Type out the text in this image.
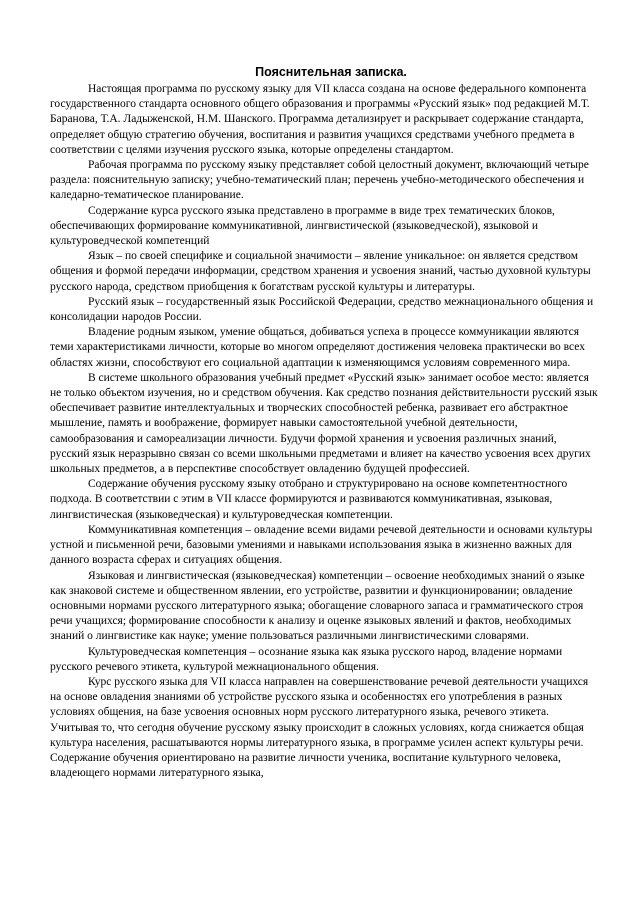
Пояснительная записка.

Настоящая программа по русскому языку для VII класса создана на основе федерального компонента государственного стандарта основного общего образования и программы «Русский язык» под редакцией М.Т. Баранова, Т.А. Ладыженской, Н.М. Шанского. Программа детализирует и раскрывает содержание стандарта, определяет общую стратегию обучения, воспитания и развития учащихся средствами учебного предмета в соответствии с целями изучения русского языка, которые определены стандартом.

Рабочая программа по русскому языку представляет собой целостный документ, включающий четыре раздела: пояснительную записку; учебно-тематический план; перечень учебно-методического обеспечения и каледарно-тематическое планирование.

Содержание курса русского языка представлено в программе в виде трех тематических блоков, обеспечивающих формирование коммуникативной, лингвистической (языковедческой), языковой и культуроведческой компетенций

Язык – по своей специфике и социальной значимости – явление уникальное: он является средством общения и формой передачи информации, средством хранения и усвоения знаний, частью духовной культуры русского народа, средством приобщения к богатствам русской культуры и литературы.

Русский язык – государственный язык Российской Федерации, средство межнационального общения и консолидации народов России.

Владение родным языком, умение общаться, добиваться успеха в процессе коммуникации являются теми характеристиками личности, которые во многом определяют достижения человека практически во всех областях жизни, способствуют его социальной адаптации к изменяющимся условиям современного мира.

В системе школьного образования учебный предмет «Русский язык» занимает особое место: является не только объектом изучения, но и средством обучения. Как средство познания действительности русский язык обеспечивает развитие интеллектуальных и творческих способностей ребенка, развивает его абстрактное мышление, память и воображение, формирует навыки самостоятельной учебной деятельности, самообразования и самореализации личности. Будучи формой хранения и усвоения различных знаний, русский язык неразрывно связан со всеми школьными предметами и влияет на качество усвоения всех других школьных предметов, а в перспективе способствует овладению будущей профессией.

Содержание обучения русскому языку отобрано и структурировано на основе компетентностного подхода. В соответствии с этим в VII классе формируются и развиваются коммуникативная, языковая, лингвистическая (языковедческая) и культуроведческая компетенции.

Коммуникативная компетенция – овладение всеми видами речевой деятельности и основами культуры устной и письменной речи, базовыми умениями и навыками использования языка в жизненно важных для данного возраста сферах и ситуациях общения.

Языковая и лингвистическая (языковедческая) компетенции – освоение необходимых знаний о языке как знаковой системе и общественном явлении, его устройстве, развитии и функционировании; овладение основными нормами русского литературного языка; обогащение словарного запаса и грамматического строя речи учащихся; формирование способности к анализу и оценке языковых явлений и фактов, необходимых знаний о лингвистике как науке; умение пользоваться различными лингвистическими словарями.

Культуроведческая компетенция – осознание языка как языка русского народ, владение нормами русского речевого этикета, культурой межнационального общения.

Курс русского языка для VII класса направлен на совершенствование речевой деятельности учащихся на основе овладения знаниями об устройстве русского языка и особенностях его употребления в разных условиях общения, на базе усвоения основных норм русского литературного языка, речевого этикета. Учитывая то, что сегодня обучение русскому языку происходит в сложных условиях, когда снижается общая культура населения, расшатываются нормы литературного языка, в программе усилен аспект культуры речи. Содержание обучения ориентировано на развитие личности ученика, воспитание культурного человека, владеющего нормами литературного языка,
